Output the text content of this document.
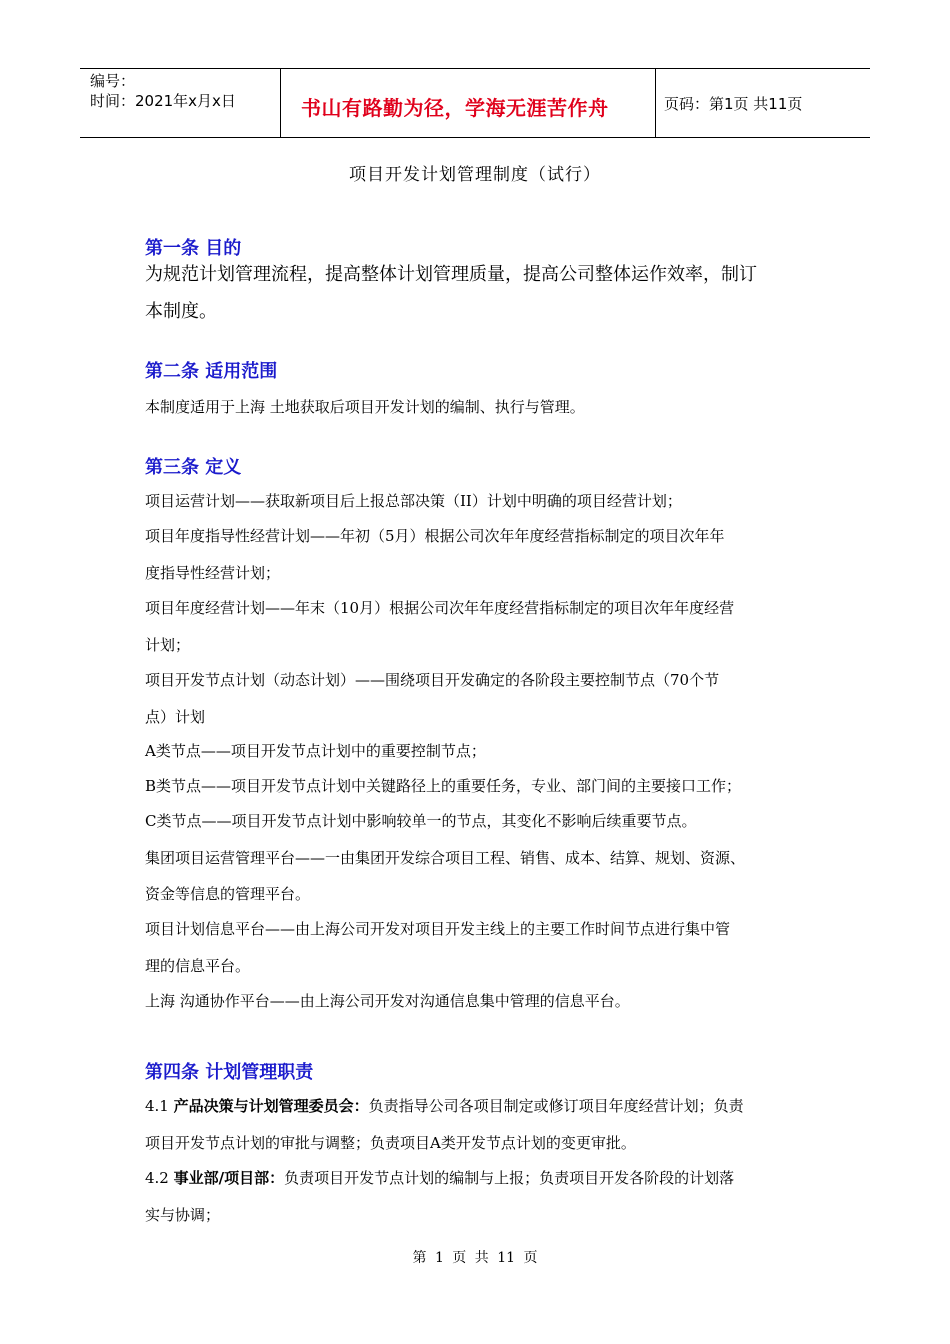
编号：
时间：2021年x月x日	书山有路勤为径，学海无涯苦作舟	页码：第1页 共11页
项目开发计划管理制度（试行）
第一条 目的
为规范计划管理流程，提高整体计划管理质量，提高公司整体运作效率，制订
本制度。
第二条 适用范围
本制度适用于上海 土地获取后项目开发计划的编制、执行与管理。
第三条 定义
项目运营计划——获取新项目后上报总部决策（II）计划中明确的项目经营计划；
项目年度指导性经营计划——年初（5月）根据公司次年年度经营指标制定的项目次年年
度指导性经营计划；
项目年度经营计划——年末（10月）根据公司次年年度经营指标制定的项目次年年度经营
计划；
项目开发节点计划（动态计划）——围绕项目开发确定的各阶段主要控制节点（70个节
点）计划
A类节点——项目开发节点计划中的重要控制节点；
B类节点——项目开发节点计划中关键路径上的重要任务，专业、部门间的主要接口工作；
C类节点——项目开发节点计划中影响较单一的节点，其变化不影响后续重要节点。
集团项目运营管理平台——一由集团开发综合项目工程、销售、成本、结算、规划、资源、
资金等信息的管理平台。
项目计划信息平台——由上海公司开发对项目开发主线上的主要工作时间节点进行集中管
理的信息平台。
上海 沟通协作平台——由上海公司开发对沟通信息集中管理的信息平台。
第四条 计划管理职责
4.1 产品决策与计划管理委员会：负责指导公司各项目制定或修订项目年度经营计划；负责
项目开发节点计划的审批与调整；负责项目A类开发节点计划的变更审批。
4.2 事业部/项目部：负责项目开发节点计划的编制与上报；负责项目开发各阶段的计划落
实与协调；
第 1 页 共 11 页
